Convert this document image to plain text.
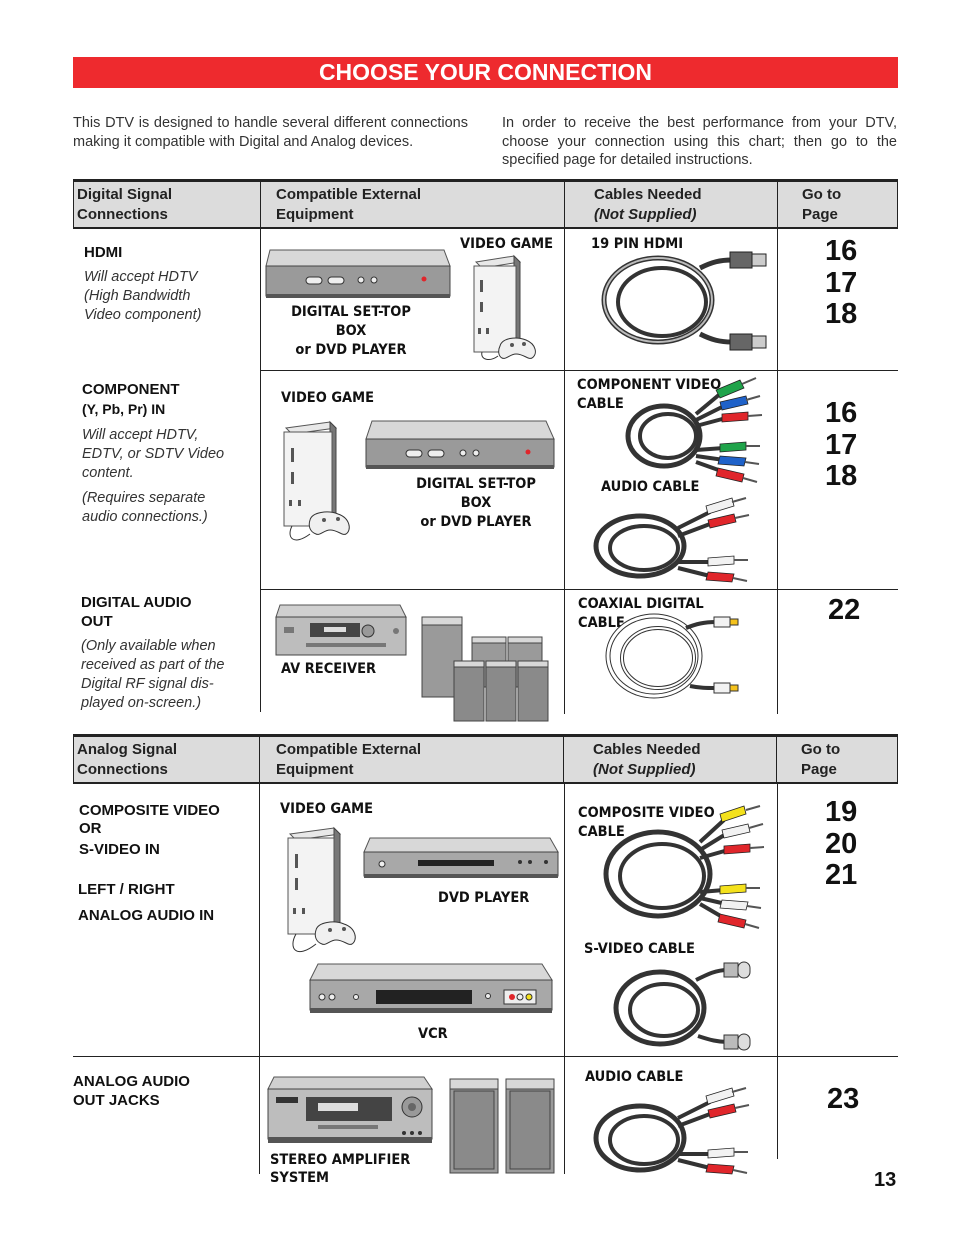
CHOOSE YOUR CONNECTION
This DTV is designed to handle several different connections making it compatible with Digital and Analog devices.
In order to receive the best performance from your DTV, choose your connection using this chart; then go to the specified page for detailed instructions.
Digital Signal
Connections
Compatible External
Equipment
Cables Needed
(Not Supplied)
Go to
Page
HDMI
Will accept HDTV
(High Bandwidth
Video component)
VIDEO GAME
DIGITAL SET-TOP BOX
or DVD PLAYER
19 PIN HDMI	16
17
18
COMPONENT
(Y, Pb, Pr) IN
Will accept HDTV,
EDTV, or SDTV Video
content.
(Requires separate
audio connections.)
VIDEO GAME
DIGITAL SET-TOP BOX
or DVD PLAYER
COMPONENT VIDEO
CABLE
AUDIO CABLE
16
17
18
DIGITAL AUDIO
OUT
(Only available when
received as part of the
Digital RF signal dis-
played on-screen.)
AV RECEIVER
COAXIAL DIGITAL
CABLE	22
Analog Signal
Connections
Compatible External
Equipment
Cables Needed
(Not Supplied)
Go to
Page
COMPOSITE VIDEO
OR
S-VIDEO IN
LEFT / RIGHT
ANALOG AUDIO IN
VIDEO GAME
DVD PLAYER
VCR
COMPOSITE VIDEO
CABLE
S-VIDEO CABLE
19
20
21
ANALOG AUDIO
OUT JACKS
STEREO AMPLIFIER
SYSTEM
AUDIO CABLE
23
13
